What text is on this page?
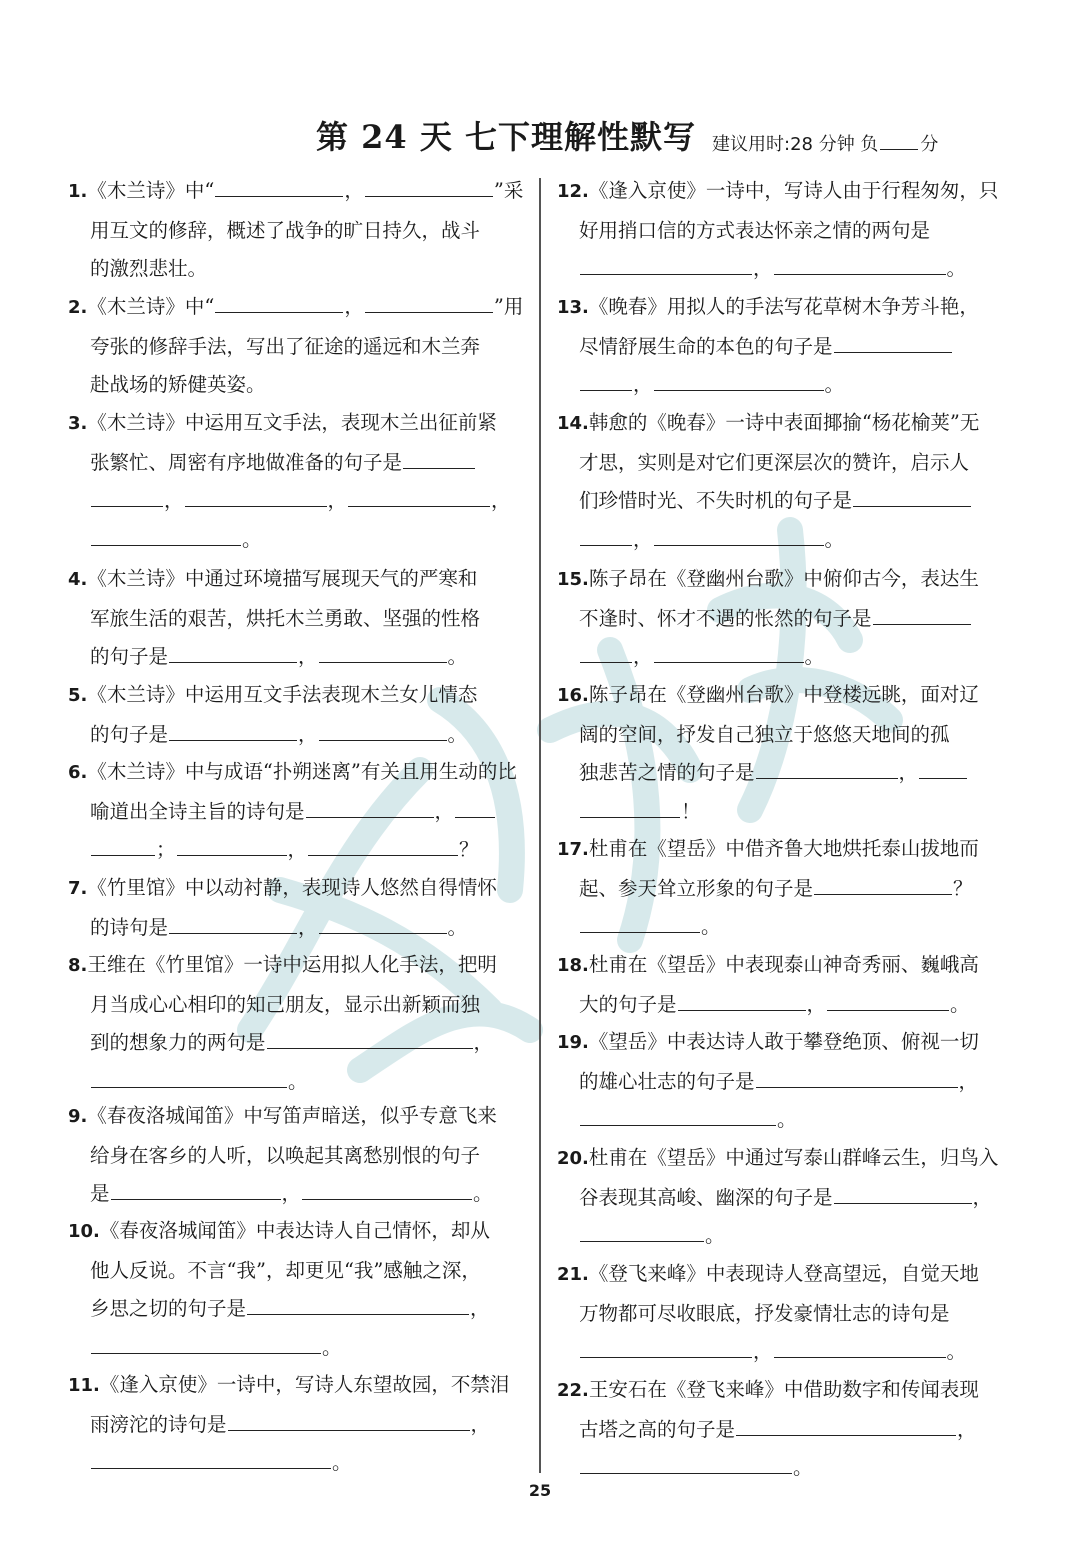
第 24 天 七下理解性默写 建议用时:28 分钟 负 分
1.《木兰诗》中“	，	”采
用互文的修辞，概述了战争的旷日持久，战斗
的激烈悲壮。
2.《木兰诗》中“	，	”用
夸张的修辞手法，写出了征途的遥远和木兰奔
赴战场的矫健英姿。
3.《木兰诗》中运用互文手法，表现木兰出征前紧
张繁忙、周密有序地做准备的句子是
，	，	，
。
4.《木兰诗》中通过环境描写展现天气的严寒和
军旅生活的艰苦，烘托木兰勇敢、坚强的性格
的句子是	，	。
5.《木兰诗》中运用互文手法表现木兰女儿情态
的句子是	，	。
6.《木兰诗》中与成语“扑朔迷离”有关且用生动的比
喻道出全诗主旨的诗句是	，
；	，	？
7.《竹里馆》中以动衬静，表现诗人悠然自得情怀
的诗句是	，	。
8.王维在《竹里馆》一诗中运用拟人化手法，把明
月当成心心相印的知己朋友，显示出新颖而独
到的想象力的两句是	，
。
9.《春夜洛城闻笛》中写笛声暗送，似乎专意飞来
给身在客乡的人听，以唤起其离愁别恨的句子
是	，	。
10.《春夜洛城闻笛》中表达诗人自己情怀，却从
他人反说。不言“我”，却更见“我”感触之深，
乡思之切的句子是	，
。
11.《逢入京使》一诗中，写诗人东望故园，不禁泪
雨滂沱的诗句是	，
。
12.《逢入京使》一诗中，写诗人由于行程匆匆，只
好用捎口信的方式表达怀亲之情的两句是
，	。
13.《晚春》用拟人的手法写花草树木争芳斗艳，
尽情舒展生命的本色的句子是
，	。
14.韩愈的《晚春》一诗中表面揶揄“杨花榆荚”无
才思，实则是对它们更深层次的赞许，启示人
们珍惜时光、不失时机的句子是
，	。
15.陈子昂在《登幽州台歌》中俯仰古今，表达生
不逢时、怀才不遇的怅然的句子是
，	。
16.陈子昂在《登幽州台歌》中登楼远眺，面对辽
阔的空间，抒发自己独立于悠悠天地间的孤
独悲苦之情的句子是	，
！
17.杜甫在《望岳》中借齐鲁大地烘托泰山拔地而
起、参天耸立形象的句子是	？
。
18.杜甫在《望岳》中表现泰山神奇秀丽、巍峨高
大的句子是	，	。
19.《望岳》中表达诗人敢于攀登绝顶、俯视一切
的雄心壮志的句子是	，
。
20.杜甫在《望岳》中通过写泰山群峰云生，归鸟入
谷表现其高峻、幽深的句子是	，
。
21.《登飞来峰》中表现诗人登高望远，自觉天地
万物都可尽收眼底，抒发豪情壮志的诗句是
，	。
22.王安石在《登飞来峰》中借助数字和传闻表现
古塔之高的句子是	，
。
25
